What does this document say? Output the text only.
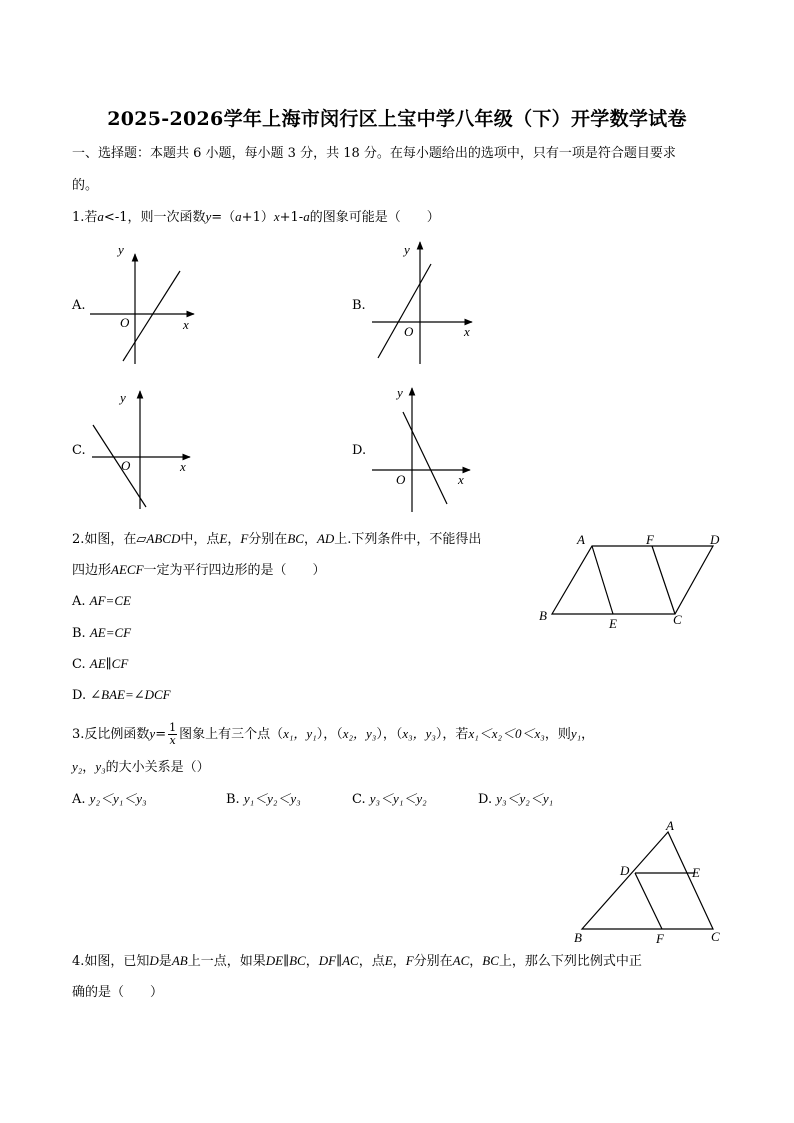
2025-2026学年上海市闵行区上宝中学八年级（下）开学数学试卷
一、选择题：本题共 6 小题，每小题 3 分，共 18 分。在每小题给出的选项中，只有一项是符合题目要求
的。
1.若a<-1，则一次函数y=（a+1）x+1-a的图象可能是（　　）
A.
y
x
O
B.
y
x
O
C.
y
x
O
D.
y
x
O
2.如图，在▱ABCD中，点E，F分别在BC，AD上.下列条件中，不能得出
四边形AECF一定为平行四边形的是（　　）
A. AF=CE
B. AE=CF
C. AE∥CF
D. ∠BAE=∠DCF
A	F	D
B
E	C
3.反比例函数$y= \frac{1}{x}$ 图象上有三个点（x₁，y₁），（x₂，y₃），（x₃，y₃），若x₁＜x₂＜0＜x₃，则y₁，
y₂，y₃的大小关系是（）
A. y₂＜y₁＜y₃	B. y₁＜y₂＜y₃	C. y₃＜y₁＜y₂	D. y₃＜y₂＜y₁
A
D	E
B	F	C
4.如图，已知D是AB上一点，如果DE∥BC，DF∥AC，点E，F分别在AC，BC上，那么下列比例式中正
确的是（　　）
